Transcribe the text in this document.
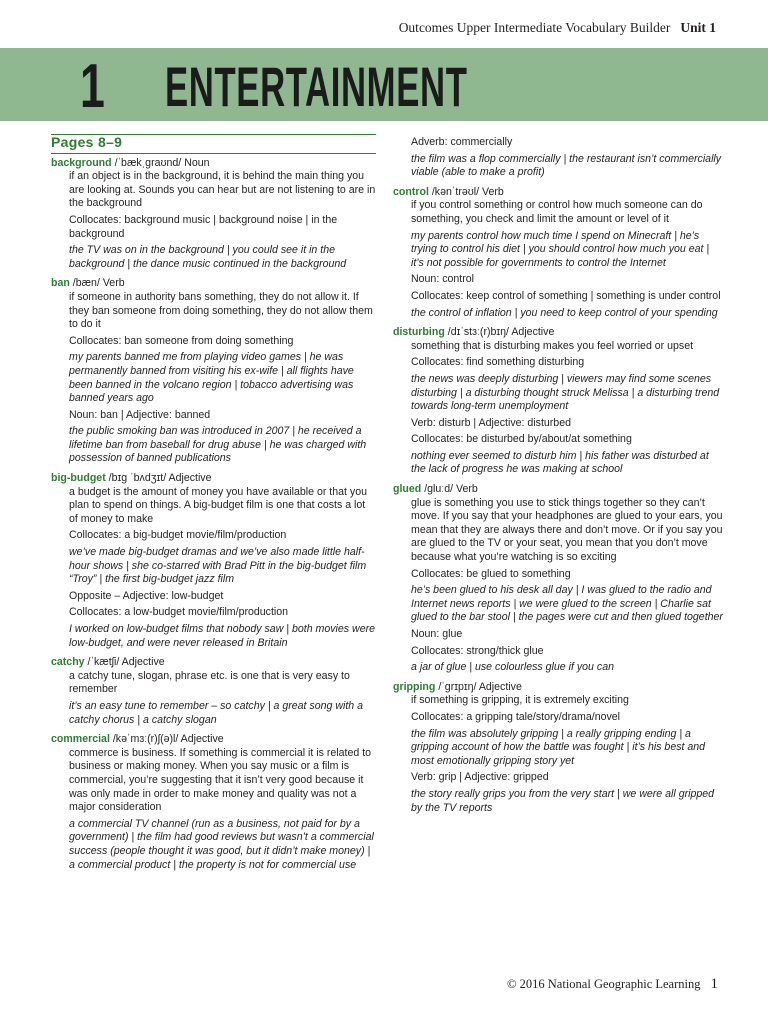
Outcomes Upper Intermediate Vocabulary Builder Unit 1
1 ENTERTAINMENT
Pages 8–9
background /ˈbækˌɡraʊnd/ Noun
if an object is in the background, it is behind the main thing you are looking at. Sounds you can hear but are not listening to are in the background
Collocates: background music | background noise | in the background
the TV was on in the background | you could see it in the background | the dance music continued in the background
ban /bæn/ Verb
if someone in authority bans something, they do not allow it. If they ban someone from doing something, they do not allow them to do it
Collocates: ban someone from doing something
my parents banned me from playing video games | he was permanently banned from visiting his ex-wife | all flights have been banned in the volcano region | tobacco advertising was banned years ago
Noun: ban | Adjective: banned
the public smoking ban was introduced in 2007 | he received a lifetime ban from baseball for drug abuse | he was charged with possession of banned publications
big-budget /bɪɡ ˈbʌdʒɪt/ Adjective
a budget is the amount of money you have available or that you plan to spend on things. A big-budget film is one that costs a lot of money to make
Collocates: a big-budget movie/film/production
we’ve made big-budget dramas and we’ve also made little half-hour shows | she co-starred with Brad Pitt in the big-budget film “Troy” | the first big-budget jazz film
Opposite – Adjective: low-budget
Collocates: a low-budget movie/film/production
I worked on low-budget films that nobody saw | both movies were low-budget, and were never released in Britain
catchy /ˈkætʃi/ Adjective
a catchy tune, slogan, phrase etc. is one that is very easy to remember
it’s an easy tune to remember – so catchy | a great song with a catchy chorus | a catchy slogan
commercial /kəˈmɜː(r)ʃ(ə)l/ Adjective
commerce is business. If something is commercial it is related to business or making money. When you say music or a film is commercial, you’re suggesting that it isn’t very good because it was only made in order to make money and quality was not a major consideration
a commercial TV channel (run as a business, not paid for by a government) | the film had good reviews but wasn’t a commercial success (people thought it was good, but it didn’t make money) | a commercial product | the property is not for commercial use
Adverb: commercially
the film was a flop commercially | the restaurant isn’t commercially viable (able to make a profit)
control /kənˈtrəʊl/ Verb
if you control something or control how much someone can do something, you check and limit the amount or level of it
my parents control how much time I spend on Minecraft | he’s trying to control his diet | you should control how much you eat | it’s not possible for governments to control the Internet
Noun: control
Collocates: keep control of something | something is under control
the control of inflation | you need to keep control of your spending
disturbing /dɪˈstɜː(r)bɪŋ/ Adjective
something that is disturbing makes you feel worried or upset
Collocates: find something disturbing
the news was deeply disturbing | viewers may find some scenes disturbing | a disturbing thought struck Melissa | a disturbing trend towards long-term unemployment
Verb: disturb | Adjective: disturbed
Collocates: be disturbed by/about/at something
nothing ever seemed to disturb him | his father was disturbed at the lack of progress he was making at school
glued /ɡluːd/ Verb
glue is something you use to stick things together so they can’t move. If you say that your headphones are glued to your ears, you mean that they are always there and don’t move. Or if you say you are glued to the TV or your seat, you mean that you don’t move because what you’re watching is so exciting
Collocates: be glued to something
he’s been glued to his desk all day | I was glued to the radio and Internet news reports | we were glued to the screen | Charlie sat glued to the bar stool | the pages were cut and then glued together
Noun: glue
Collocates: strong/thick glue
a jar of glue | use colourless glue if you can
gripping /ˈɡrɪpɪŋ/ Adjective
if something is gripping, it is extremely exciting
Collocates: a gripping tale/story/drama/novel
the film was absolutely gripping | a really gripping ending | a gripping account of how the battle was fought | it’s his best and most emotionally gripping story yet
Verb: grip | Adjective: gripped
the story really grips you from the very start | we were all gripped by the TV reports
© 2016 National Geographic Learning 1
